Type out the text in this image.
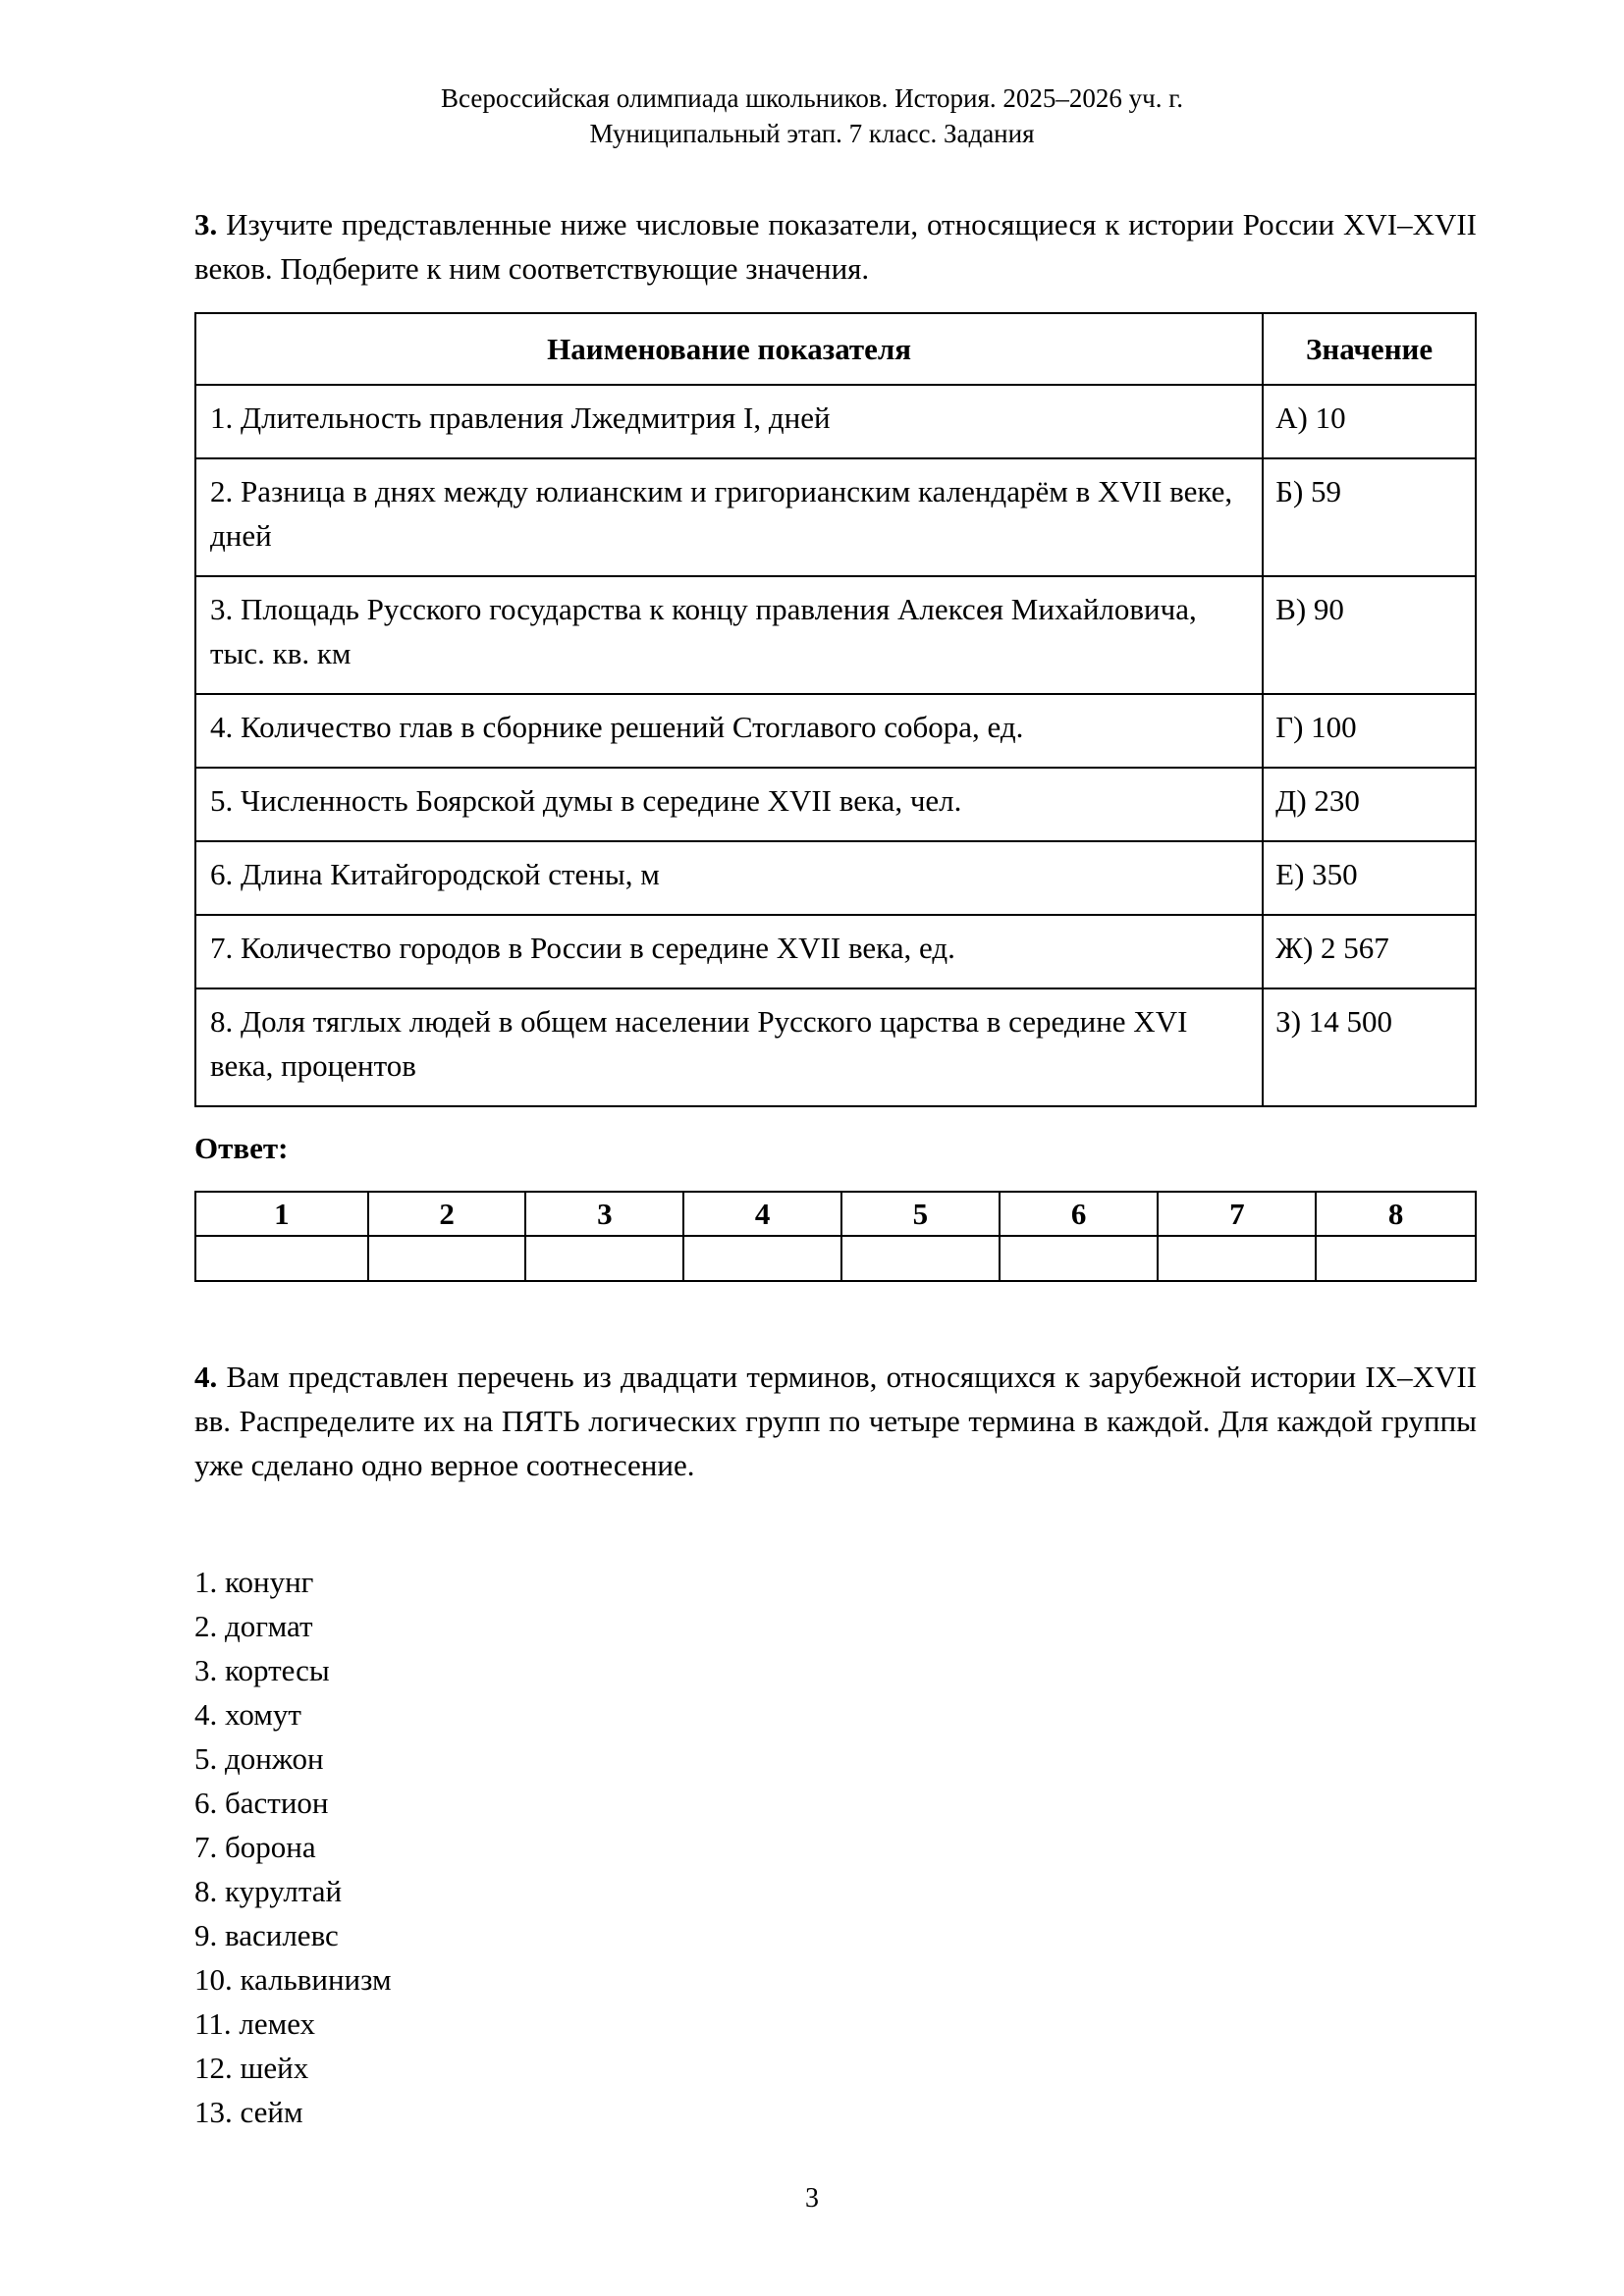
Всероссийская олимпиада школьников. История. 2025–2026 уч. г.
Муниципальный этап. 7 класс. Задания
3. Изучите представленные ниже числовые показатели, относящиеся к истории России XVI–XVII веков. Подберите к ним соответствующие значения.
Наименование показателя	Значение
1. Длительность правления Лжедмитрия I, дней	А) 10
2. Разница в днях между юлианским и григорианским календарём в XVII веке, дней	Б) 59
3. Площадь Русского государства к концу правления Алексея Михайловича, тыс. кв. км	В) 90
4. Количество глав в сборнике решений Стоглавого собора, ед.	Г) 100
5. Численность Боярской думы в середине XVII века, чел.	Д) 230
6. Длина Китайгородской стены, м	Е) 350
7. Количество городов в России в середине XVII века, ед.	Ж) 2 567
8. Доля тяглых людей в общем населении Русского царства в середине XVI века, процентов	З) 14 500
Ответ:
1	2	3	4	5	6	7	8

4. Вам представлен перечень из двадцати терминов, относящихся к зарубежной истории IX–XVII вв. Распределите их на ПЯТЬ логических групп по четыре термина в каждой. Для каждой группы уже сделано одно верное соотнесение.
1. конунг
2. догмат
3. кортесы
4. хомут
5. донжон
6. бастион
7. борона
8. курултай
9. василевс
10. кальвинизм
11. лемех
12. шейх
13. сейм
3
